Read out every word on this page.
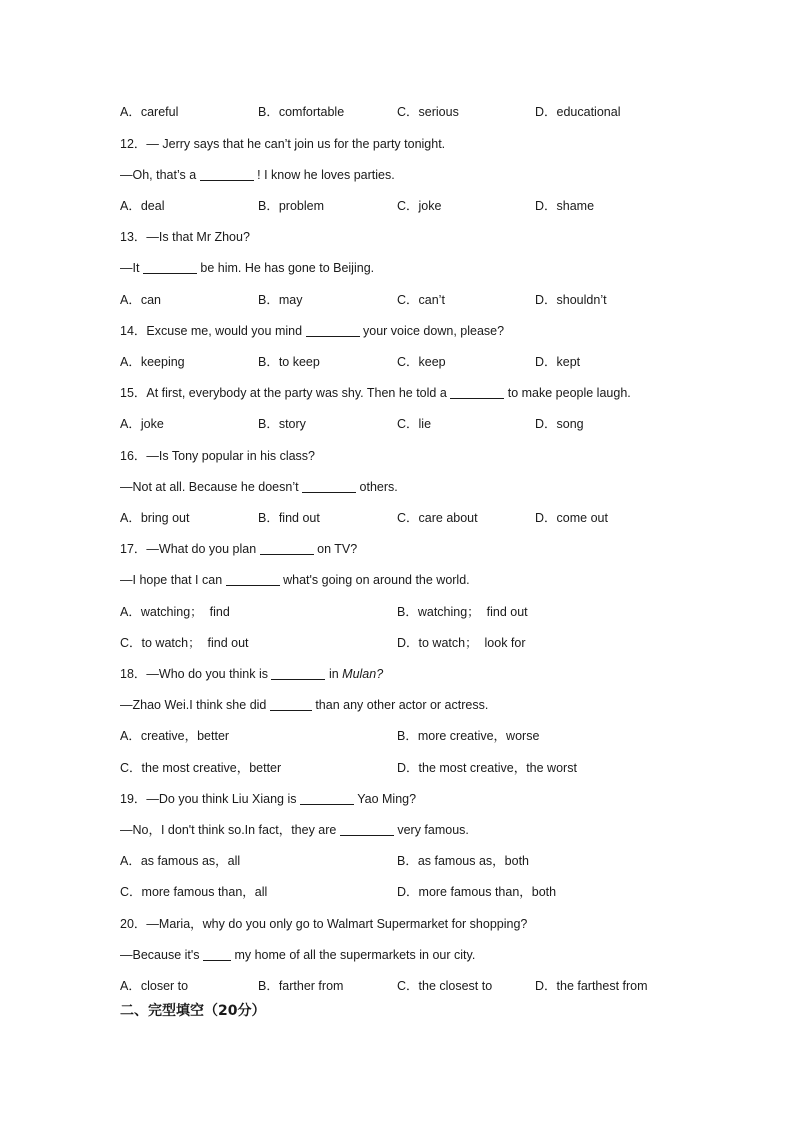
A．careful	B．comfortable	C．serious	D．educational
12．— Jerry says that he can’t join us for the party tonight.
—Oh, that’s a	! I know he loves parties.
A．deal	B．problem	C．joke	D．shame
13．—Is that Mr Zhou?
—It	be him. He has gone to Beijing.
A．can	B．may	C．can’t	D．shouldn’t
14．Excuse me, would you mind	your voice down, please?
A．keeping	B．to keep	C．keep	D．kept
15．At first, everybody at the party was shy. Then he told a	to make people laugh.
A．joke	B．story	C．lie	D．song
16．—Is Tony popular in his class?
—Not at all. Because he doesn’t	others.
A．bring out	B．find out	C．care about	D．come out
17．—What do you plan	on TV?
—I hope that I can	what's going on around the world.
A．watching；  find	B．watching；  find out
C．to watch；  find out	D．to watch；  look for
18．—Who do you think is	in Mulan?
—Zhao Wei.I think she did	than any other actor or actress.
A．creative，better	B．more creative，worse
C．the most creative，better	D．the most creative，the worst
19．—Do you think Liu Xiang is	Yao Ming?
—No，I don't think so.In fact，they are	very famous.
A．as famous as，all	B．as famous as，both
C．more famous than，all	D．more famous than，both
20．—Maria，why do you only go to Walmart Supermarket for shopping?
—Because it's  my home of all the supermarkets in our city.
A．closer to	B．farther from	C．the closest to	D．the farthest from
二、完型填空（20分）
